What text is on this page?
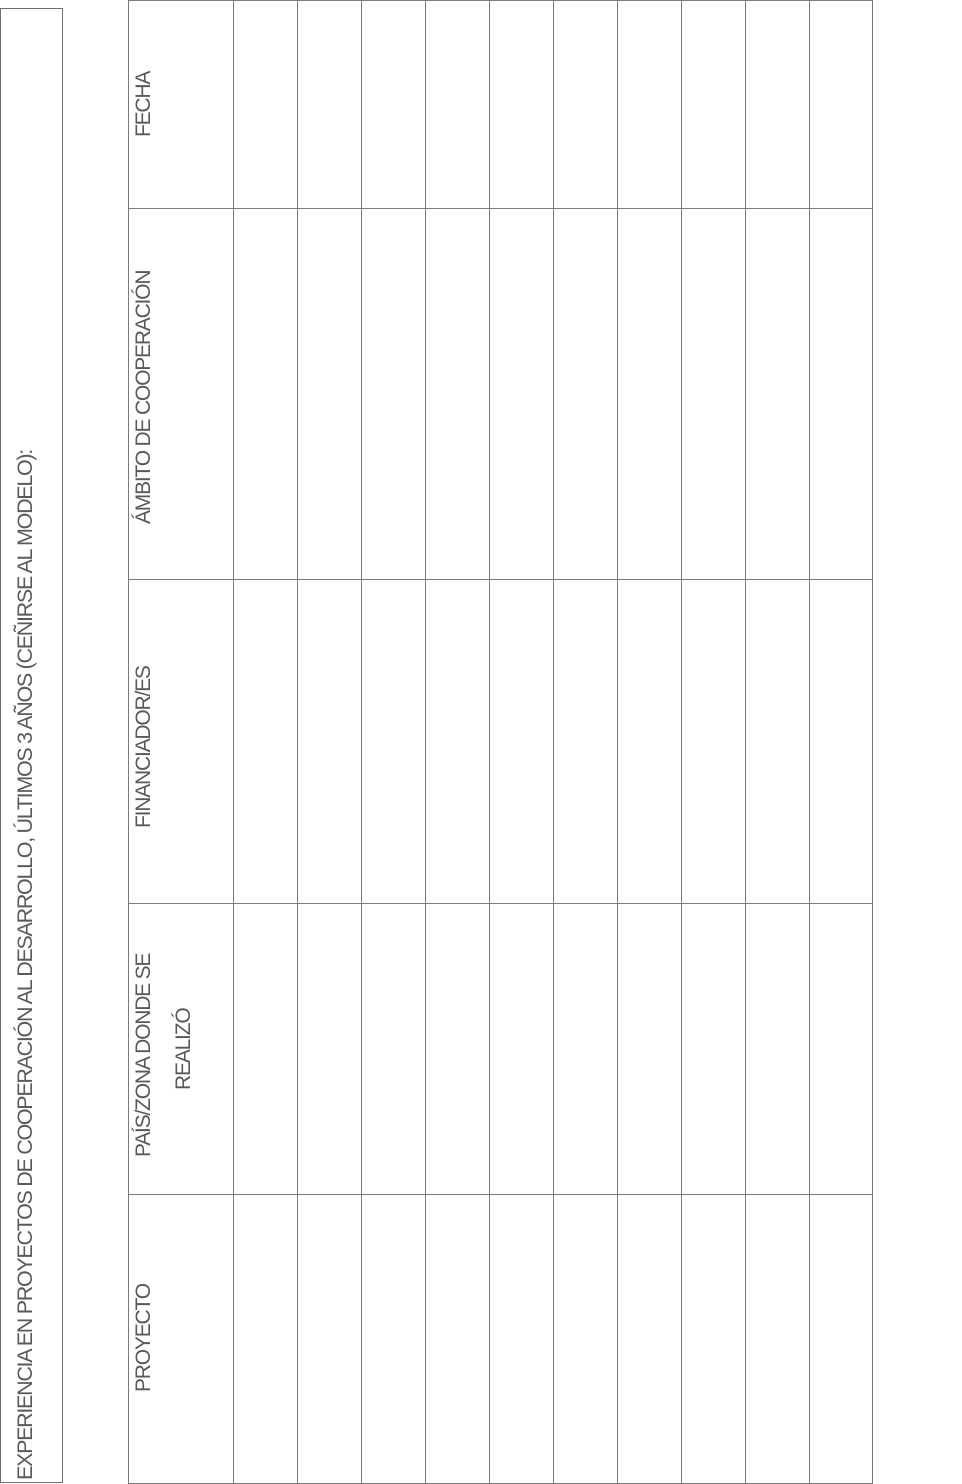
EXPERIENCIA EN PROYECTOS DE COOPERACIÓN AL DESARROLLO, ÚLTIMOS 3 AÑOS (CEÑIRSE AL MODELO):
FECHA
ÁMBITO DE COOPERACIÓN
FINANCIADOR/ES
PAÍS/ZONA DONDE SE REALIZÓ
PROYECTO
